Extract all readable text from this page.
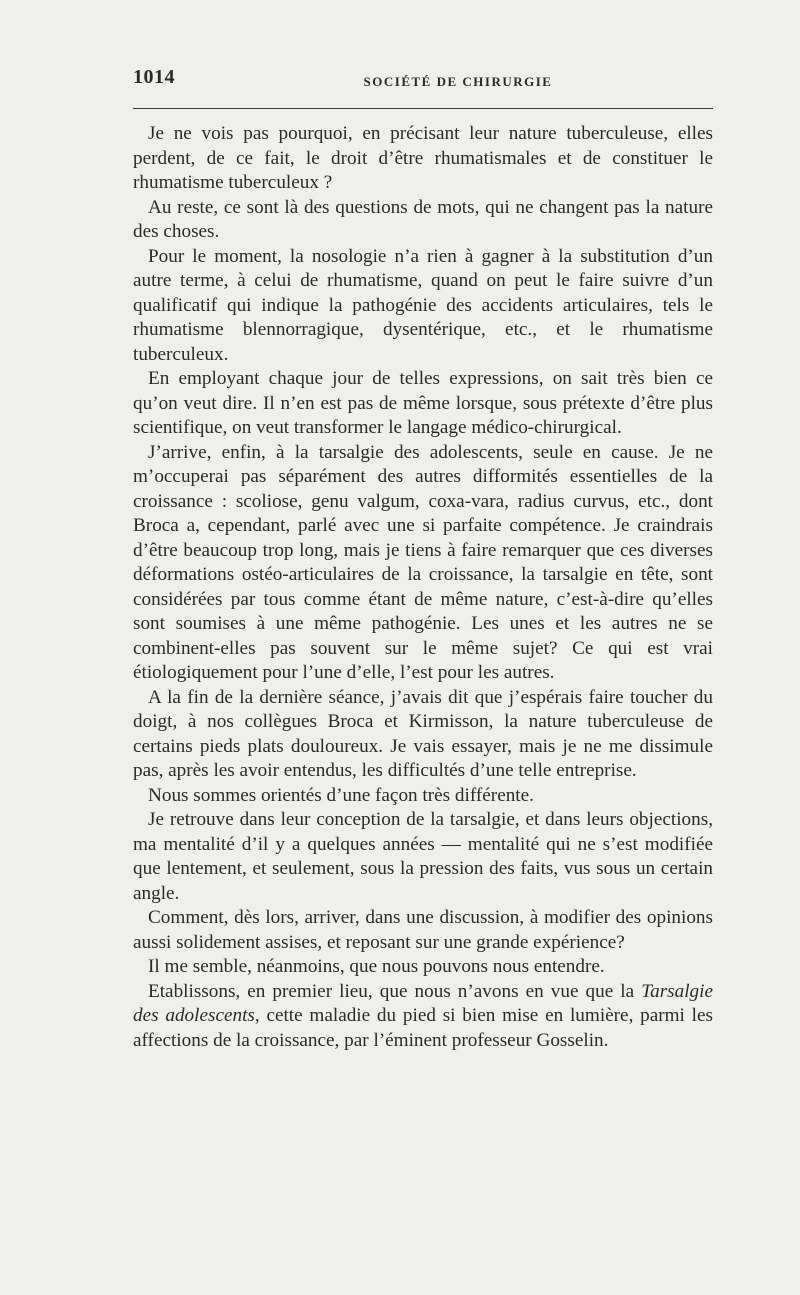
1014	SOCIÉTÉ DE CHIRURGIE

Je ne vois pas pourquoi, en précisant leur nature tuberculeuse, elles perdent, de ce fait, le droit d’être rhumatismales et de constituer le rhumatisme tuberculeux ?

Au reste, ce sont là des questions de mots, qui ne changent pas la nature des choses.

Pour le moment, la nosologie n’a rien à gagner à la substitution d’un autre terme, à celui de rhumatisme, quand on peut le faire suivre d’un qualificatif qui indique la pathogénie des accidents articulaires, tels le rhumatisme blennorragique, dysentérique, etc., et le rhumatisme tuberculeux.

En employant chaque jour de telles expressions, on sait très bien ce qu’on veut dire. Il n’en est pas de même lorsque, sous prétexte d’être plus scientifique, on veut transformer le langage médico-chirurgical.

J’arrive, enfin, à la tarsalgie des adolescents, seule en cause. Je ne m’occuperai pas séparément des autres difformités essentielles de la croissance : scoliose, genu valgum, coxa-vara, radius curvus, etc., dont Broca a, cependant, parlé avec une si parfaite compétence. Je craindrais d’être beaucoup trop long, mais je tiens à faire remarquer que ces diverses déformations ostéo-articulaires de la croissance, la tarsalgie en tête, sont considérées par tous comme étant de même nature, c’est-à-dire qu’elles sont soumises à une même pathogénie. Les unes et les autres ne se combinent-elles pas souvent sur le même sujet? Ce qui est vrai étiologiquement pour l’une d’elle, l’est pour les autres.

A la fin de la dernière séance, j’avais dit que j’espérais faire toucher du doigt, à nos collègues Broca et Kirmisson, la nature tuberculeuse de certains pieds plats douloureux. Je vais essayer, mais je ne me dissimule pas, après les avoir entendus, les difficultés d’une telle entreprise.

Nous sommes orientés d’une façon très différente.

Je retrouve dans leur conception de la tarsalgie, et dans leurs objections, ma mentalité d’il y a quelques années — mentalité qui ne s’est modifiée que lentement, et seulement, sous la pression des faits, vus sous un certain angle.

Comment, dès lors, arriver, dans une discussion, à modifier des opinions aussi solidement assises, et reposant sur une grande expérience?

Il me semble, néanmoins, que nous pouvons nous entendre.

Etablissons, en premier lieu, que nous n’avons en vue que la Tarsalgie des adolescents, cette maladie du pied si bien mise en lumière, parmi les affections de la croissance, par l’éminent professeur Gosselin.
